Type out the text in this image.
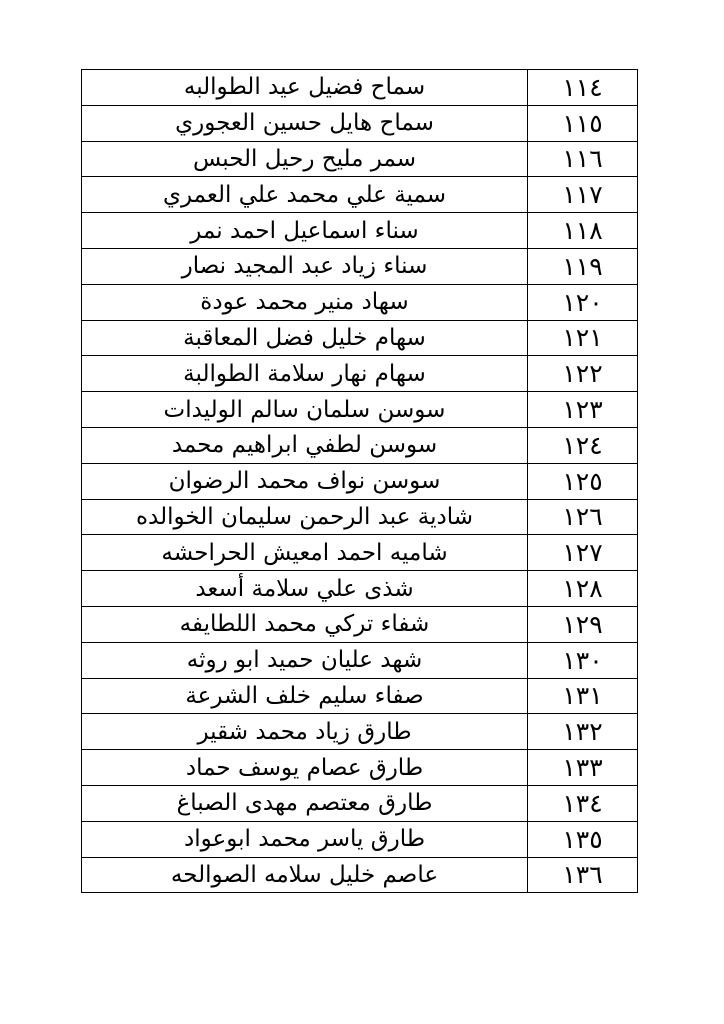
١١٤	سماح فضيل عيد الطوالبه
١١٥	سماح هايل حسين العجوري
١١٦	سمر مليح رحيل الحبس
١١٧	سمية علي محمد علي العمري
١١٨	سناء اسماعيل احمد نمر
١١٩	سناء زياد عبد المجيد نصار
١٢٠	سهاد منير محمد عودة
١٢١	سهام خليل فضل المعاقبة
١٢٢	سهام نهار سلامة الطوالبة
١٢٣	سوسن سلمان سالم الوليدات
١٢٤	سوسن لطفي ابراهيم محمد
١٢٥	سوسن نواف محمد الرضوان
١٢٦	شادية عبد الرحمن سليمان الخوالده
١٢٧	شاميه احمد امعيش الحراحشه
١٢٨	شذى علي سلامة أسعد
١٢٩	شفاء تركي محمد اللطايفه
١٣٠	شهد عليان حميد ابو روثه
١٣١	صفاء سليم خلف الشرعة
١٣٢	طارق زياد محمد شقير
١٣٣	طارق عصام يوسف حماد
١٣٤	طارق معتصم مهدى الصباغ
١٣٥	طارق ياسر محمد ابوعواد
١٣٦	عاصم خليل سلامه الصوالحه
